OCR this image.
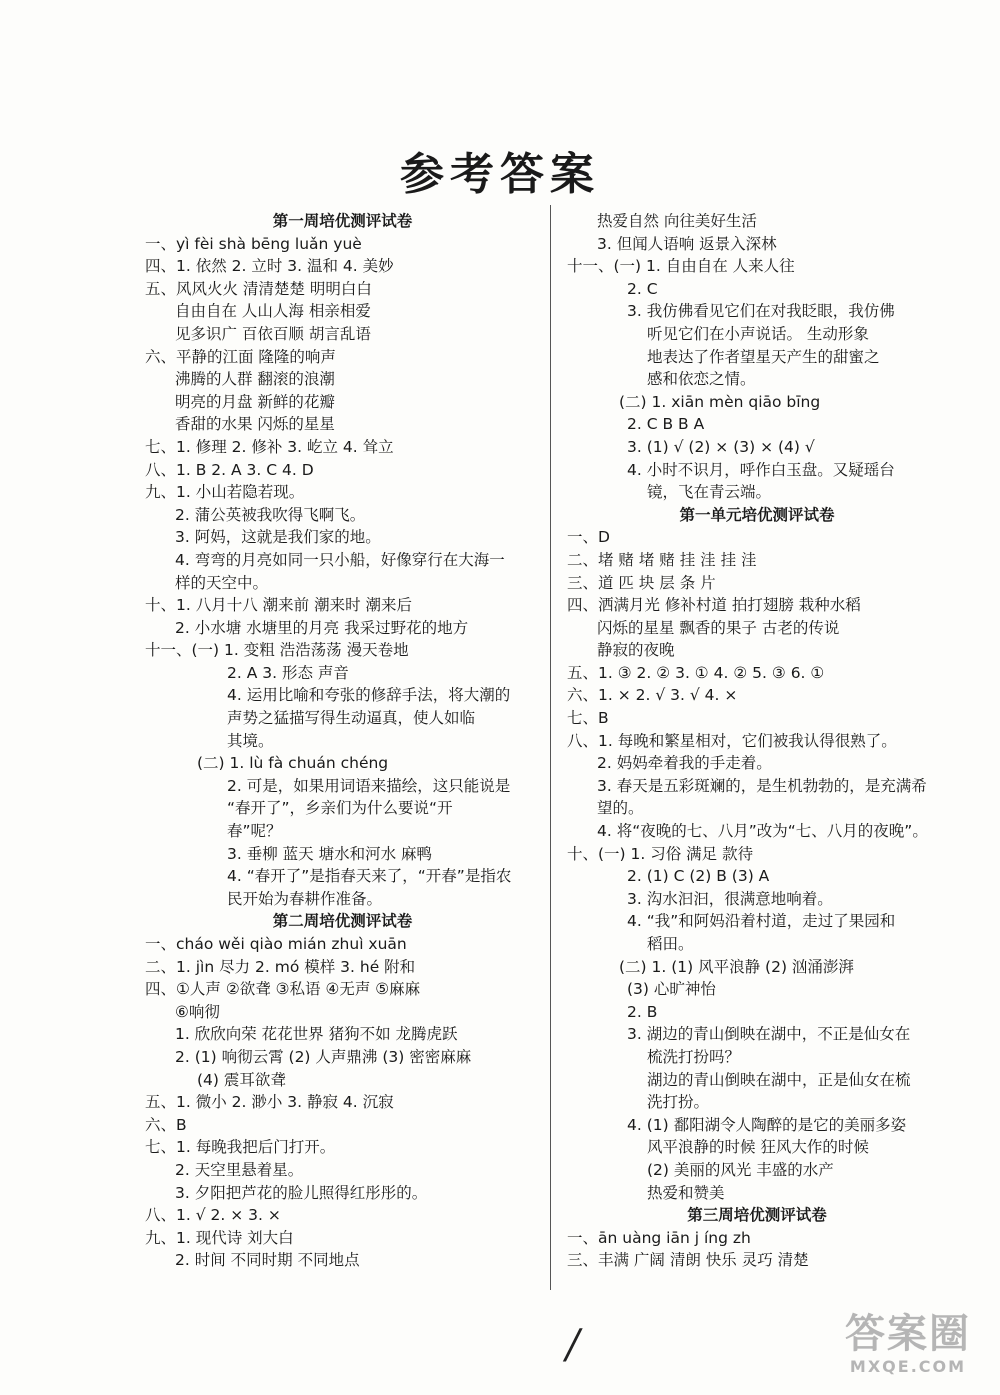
参考答案
第一周培优测评试卷
一、yì fèi shà bēng luǎn yuè
四、1. 依然 2. 立时 3. 温和 4. 美妙
五、风风火火 清清楚楚 明明白白
自由自在 人山人海 相亲相爱
见多识广 百依百顺 胡言乱语
六、平静的江面 隆隆的响声
沸腾的人群 翻滚的浪潮
明亮的月盘 新鲜的花瓣
香甜的水果 闪烁的星星
七、1. 修理 2. 修补 3. 屹立 4. 耸立
八、1. B 2. A 3. C 4. D
九、1. 小山若隐若现。
2. 蒲公英被我吹得飞啊飞。
3. 阿妈，这就是我们家的地。
4. 弯弯的月亮如同一只小船，好像穿行在大海一
样的天空中。
十、1. 八月十八 潮来前 潮来时 潮来后
2. 小水塘 水塘里的月亮 我采过野花的地方
十一、(一) 1. 变粗 浩浩荡荡 漫天卷地
2. A 3. 形态 声音
4. 运用比喻和夸张的修辞手法，将大潮的
声势之猛描写得生动逼真，使人如临
其境。
(二) 1. lù fà chuán chéng
2. 可是，如果用词语来描绘，这只能说是
“春开了”，乡亲们为什么要说“开
春”呢？
3. 垂柳 蓝天 塘水和河水 麻鸭
4. “春开了”是指春天来了，“开春”是指农
民开始为春耕作准备。
第二周培优测评试卷
一、cháo wěi qiào mián zhuì xuān
二、1. jìn 尽力 2. mó 模样 3. hé 附和
四、①人声 ②欲聋 ③私语 ④无声 ⑤麻麻
⑥响彻
1. 欣欣向荣 花花世界 猪狗不如 龙腾虎跃
2. (1) 响彻云霄 (2) 人声鼎沸 (3) 密密麻麻
(4) 震耳欲聋
五、1. 微小 2. 渺小 3. 静寂 4. 沉寂
六、B
七、1. 每晚我把后门打开。
2. 天空里悬着星。
3. 夕阳把芦花的脸儿照得红彤彤的。
八、1. √ 2. × 3. ×
九、1. 现代诗 刘大白
2. 时间 不同时期 不同地点
热爱自然 向往美好生活
3. 但闻人语响 返景入深林
十一、(一) 1. 自由自在 人来人往
2. C
3. 我仿佛看见它们在对我眨眼，我仿佛
听见它们在小声说话。 生动形象
地表达了作者望星天产生的甜蜜之
感和依恋之情。
(二) 1. xiān mèn qiāo bīng
2. C B B A
3. (1) √ (2) × (3) × (4) √
4. 小时不识月，呼作白玉盘。又疑瑶台
镜，飞在青云端。
第一单元培优测评试卷
一、D
二、堵 赌 堵 赌 挂 洼 挂 洼
三、道 匹 块 层 条 片
四、洒满月光 修补村道 拍打翅膀 栽种水稻
闪烁的星星 飘香的果子 古老的传说
静寂的夜晚
五、1. ③ 2. ② 3. ① 4. ② 5. ③ 6. ①
六、1. × 2. √ 3. √ 4. ×
七、B
八、1. 每晚和繁星相对，它们被我认得很熟了。
2. 妈妈牵着我的手走着。
3. 春天是五彩斑斓的，是生机勃勃的，是充满希
望的。
4. 将“夜晚的七、八月”改为“七、八月的夜晚”。
十、(一) 1. 习俗 满足 款待
2. (1) C (2) B (3) A
3. 沟水汩汩，很满意地响着。
4. “我”和阿妈沿着村道，走过了果园和
稻田。
(二) 1. (1) 风平浪静 (2) 汹涌澎湃
(3) 心旷神怡
2. B
3. 湖边的青山倒映在湖中，不正是仙女在
梳洗打扮吗？
湖边的青山倒映在湖中，正是仙女在梳
洗打扮。
4. (1) 鄱阳湖令人陶醉的是它的美丽多姿
风平浪静的时候 狂风大作的时候
(2) 美丽的风光 丰盛的水产
热爱和赞美
第三周培优测评试卷
一、ān uàng iān j íng zh
三、丰满 广阔 清朗 快乐 灵巧 清楚
/	答案圈
MXQE.COM
